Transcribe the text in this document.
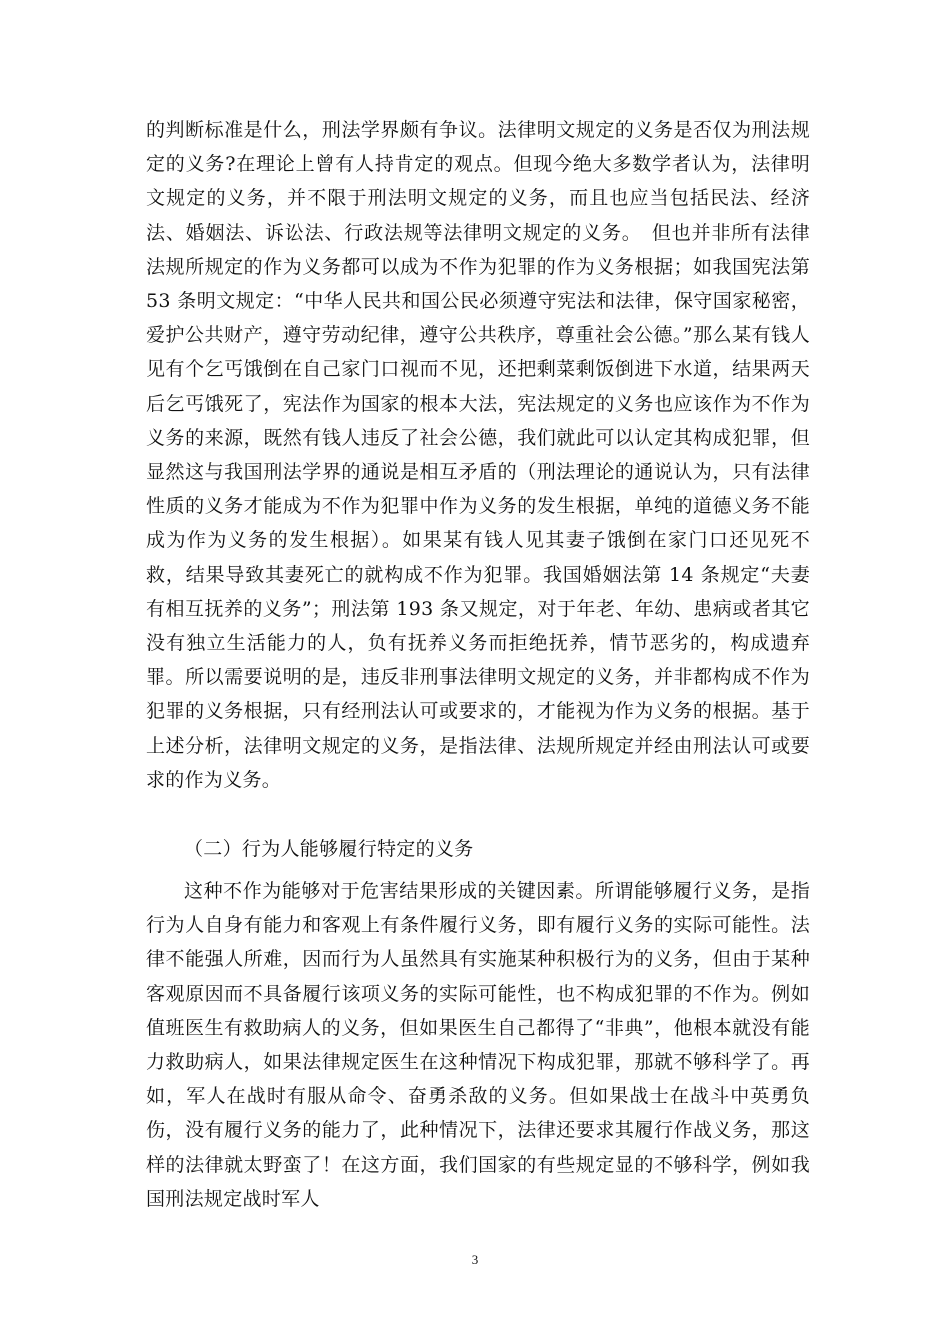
的判断标准是什么，刑法学界颇有争议。法律明文规定的义务是否仅为刑法规定的义务?在理论上曾有人持肯定的观点。但现今绝大多数学者认为，法律明文规定的义务，并不限于刑法明文规定的义务，而且也应当包括民法、经济法、婚姻法、诉讼法、行政法规等法律明文规定的义务。　但也并非所有法律法规所规定的作为义务都可以成为不作为犯罪的作为义务根据；如我国宪法第 53 条明文规定：“中华人民共和国公民必须遵守宪法和法律，保守国家秘密，爱护公共财产，遵守劳动纪律，遵守公共秩序，尊重社会公德。”那么某有钱人见有个乞丐饿倒在自己家门口视而不见，还把剩菜剩饭倒进下水道，结果两天后乞丐饿死了，宪法作为国家的根本大法，宪法规定的义务也应该作为不作为义务的来源，既然有钱人违反了社会公德，我们就此可以认定其构成犯罪，但显然这与我国刑法学界的通说是相互矛盾的（刑法理论的通说认为，只有法律性质的义务才能成为不作为犯罪中作为义务的发生根据，单纯的道德义务不能成为作为义务的发生根据）。如果某有钱人见其妻子饿倒在家门口还见死不救，结果导致其妻死亡的就构成不作为犯罪。我国婚姻法第 14 条规定“夫妻有相互抚养的义务”；刑法第 193 条又规定，对于年老、年幼、患病或者其它没有独立生活能力的人，负有抚养义务而拒绝抚养，情节恶劣的，构成遗弃罪。所以需要说明的是，违反非刑事法律明文规定的义务，并非都构成不作为犯罪的义务根据，只有经刑法认可或要求的，才能视为作为义务的根据。基于上述分析，法律明文规定的义务，是指法律、法规所规定并经由刑法认可或要求的作为义务。

（二）行为人能够履行特定的义务

这种不作为能够对于危害结果形成的关键因素。所谓能够履行义务，是指行为人自身有能力和客观上有条件履行义务，即有履行义务的实际可能性。法律不能强人所难，因而行为人虽然具有实施某种积极行为的义务，但由于某种客观原因而不具备履行该项义务的实际可能性，也不构成犯罪的不作为。例如值班医生有救助病人的义务，但如果医生自己都得了“非典”，他根本就没有能力救助病人，如果法律规定医生在这种情况下构成犯罪，那就不够科学了。再如，军人在战时有服从命令、奋勇杀敌的义务。但如果战士在战斗中英勇负伤，没有履行义务的能力了，此种情况下，法律还要求其履行作战义务，那这样的法律就太野蛮了！在这方面，我们国家的有些规定显的不够科学，例如我国刑法规定战时军人

3
